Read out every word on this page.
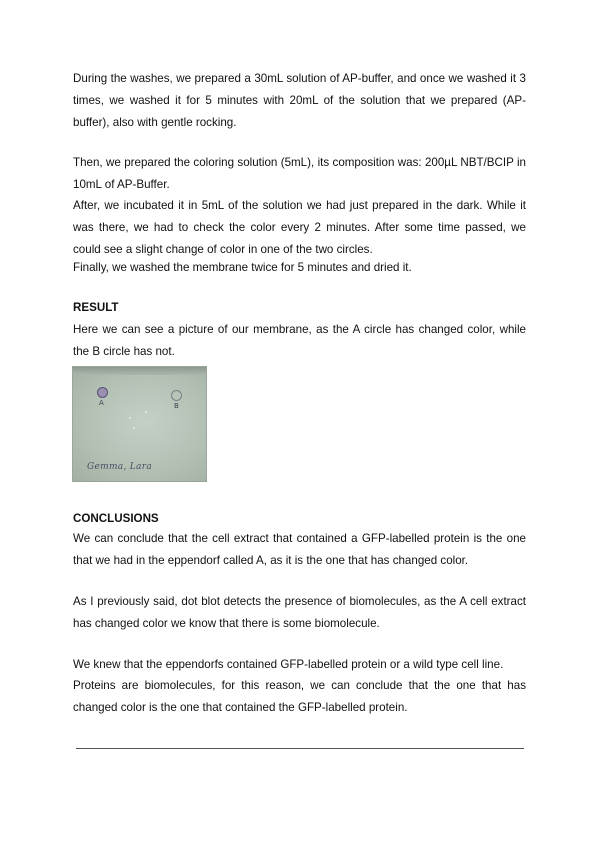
During the washes, we prepared a 30mL solution of AP-buffer, and once we washed it 3 times, we washed it for 5 minutes with 20mL of the solution that we prepared (AP-buffer), also with gentle rocking.

Then, we prepared the coloring solution (5mL), its composition was: 200µL NBT/BCIP in 10mL of AP-Buffer.

After, we incubated it in 5mL of the solution we had just prepared in the dark. While it was there, we had to check the color every 2 minutes. After some time passed, we could see a slight change of color in one of the two circles.

Finally, we washed the membrane twice for 5 minutes and dried it.

RESULT

Here we can see a picture of our membrane, as the A circle has changed color, while the B circle has not.

A	B
Gemma, Lara

CONCLUSIONS

We can conclude that the cell extract that contained a GFP-labelled protein is the one that we had in the eppendorf called A, as it is the one that has changed color.

As I previously said, dot blot detects the presence of biomolecules, as the A cell extract has changed color we know that there is some biomolecule.

We knew that the eppendorfs contained GFP-labelled protein or a wild type cell line.

Proteins are biomolecules, for this reason, we can conclude that the one that has changed color is the one that contained the GFP-labelled protein.
